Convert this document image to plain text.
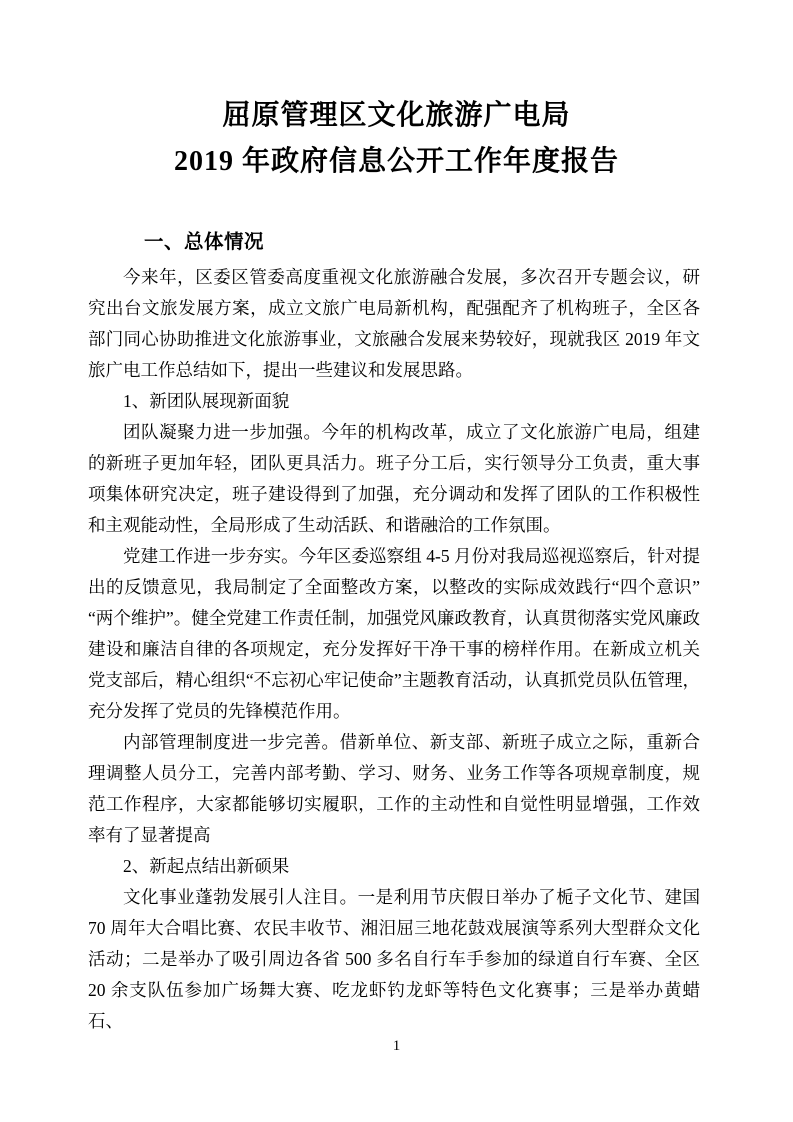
屈原管理区文化旅游广电局
2019 年政府信息公开工作年度报告
一、总体情况

今来年，区委区管委高度重视文化旅游融合发展，多次召开专题会议，研究出台文旅发展方案，成立文旅广电局新机构，配强配齐了机构班子，全区各部门同心协助推进文化旅游事业，文旅融合发展来势较好，现就我区 2019 年文旅广电工作总结如下，提出一些建议和发展思路。

1、新团队展现新面貌

团队凝聚力进一步加强。今年的机构改革，成立了文化旅游广电局，组建的新班子更加年轻，团队更具活力。班子分工后，实行领导分工负责，重大事项集体研究决定，班子建设得到了加强，充分调动和发挥了团队的工作积极性和主观能动性，全局形成了生动活跃、和谐融洽的工作氛围。

党建工作进一步夯实。今年区委巡察组 4-5 月份对我局巡视巡察后，针对提出的反馈意见，我局制定了全面整改方案，以整改的实际成效践行“四个意识”“两个维护”。健全党建工作责任制，加强党风廉政教育，认真贯彻落实党风廉政建设和廉洁自律的各项规定，充分发挥好干净干事的榜样作用。在新成立机关党支部后，精心组织“不忘初心牢记使命”主题教育活动，认真抓党员队伍管理，充分发挥了党员的先锋模范作用。

内部管理制度进一步完善。借新单位、新支部、新班子成立之际，重新合理调整人员分工，完善内部考勤、学习、财务、业务工作等各项规章制度，规范工作程序，大家都能够切实履职，工作的主动性和自觉性明显增强，工作效率有了显著提高

2、新起点结出新硕果

文化事业蓬勃发展引人注目。一是利用节庆假日举办了栀子文化节、建国 70 周年大合唱比赛、农民丰收节、湘汨屈三地花鼓戏展演等系列大型群众文化活动；二是举办了吸引周边各省 500 多名自行车手参加的绿道自行车赛、全区 20 余支队伍参加广场舞大赛、吃龙虾钓龙虾等特色文化赛事；三是举办黄蜡石、

1
